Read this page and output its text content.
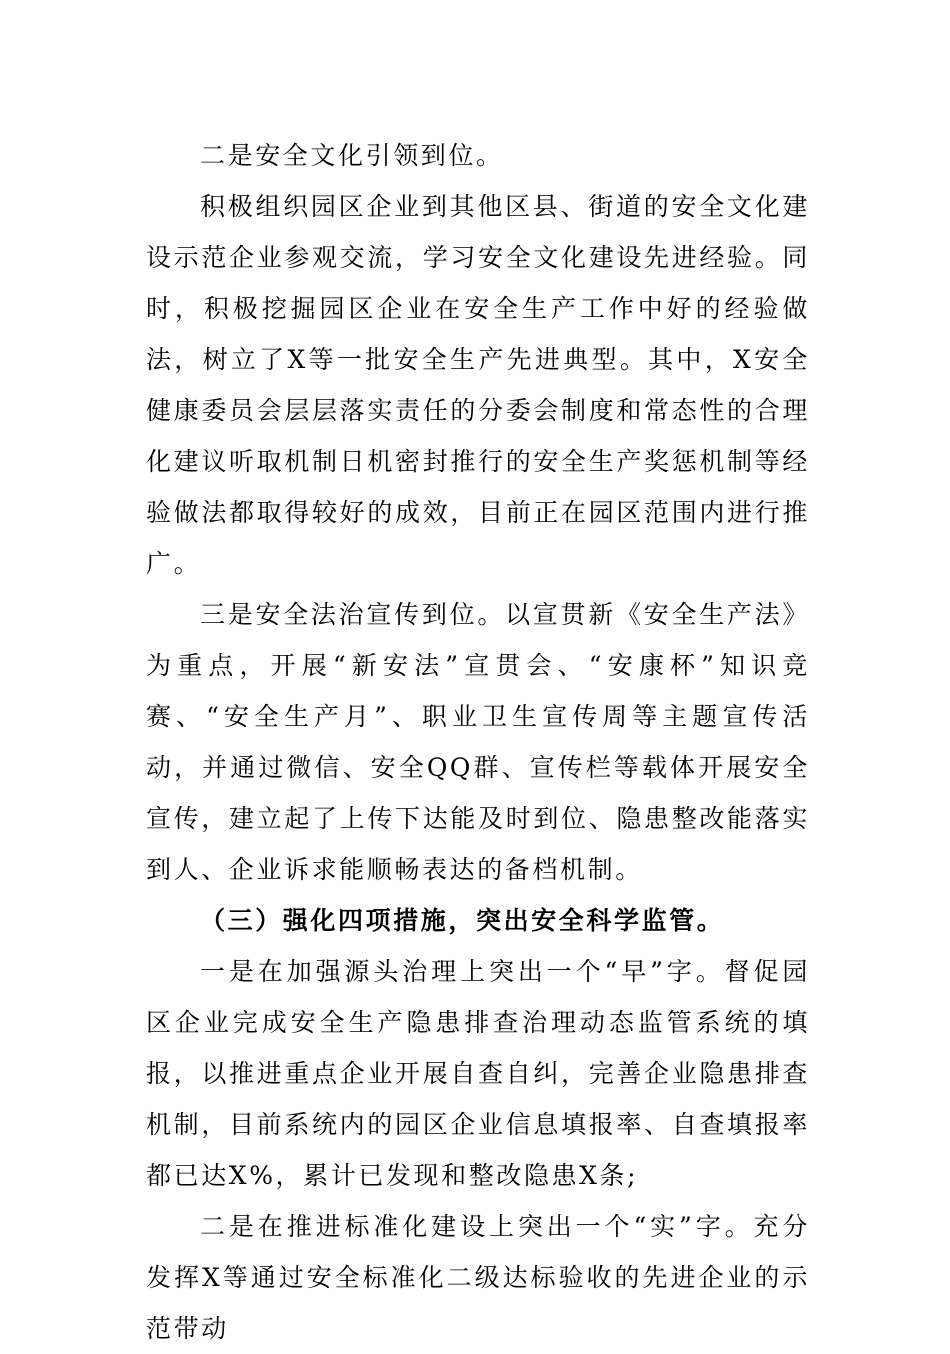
二是安全文化引领到位。

积极组织园区企业到其他区县、街道的安全文化建设示范企业参观交流，学习安全文化建设先进经验。同时，积极挖掘园区企业在安全生产工作中好的经验做法，树立了X等一批安全生产先进典型。其中，X安全健康委员会层层落实责任的分委会制度和常态性的合理化建议听取机制日机密封推行的安全生产奖惩机制等经验做法都取得较好的成效，目前正在园区范围内进行推广。

三是安全法治宣传到位。以宣贯新《安全生产法》为重点，开展“新安法”宣贯会、“安康杯”知识竞赛、“安全生产月”、职业卫生宣传周等主题宣传活动，并通过微信、安全QQ群、宣传栏等载体开展安全宣传，建立起了上传下达能及时到位、隐患整改能落实到人、企业诉求能顺畅表达的备档机制。

（三）强化四项措施，突出安全科学监管。

一是在加强源头治理上突出一个“早”字。督促园区企业完成安全生产隐患排查治理动态监管系统的填报，以推进重点企业开展自查自纠，完善企业隐患排查机制，目前系统内的园区企业信息填报率、自查填报率都已达X%，累计已发现和整改隐患X条;

二是在推进标准化建设上突出一个“实”字。充分发挥X等通过安全标准化二级达标验收的先进企业的示范带动
